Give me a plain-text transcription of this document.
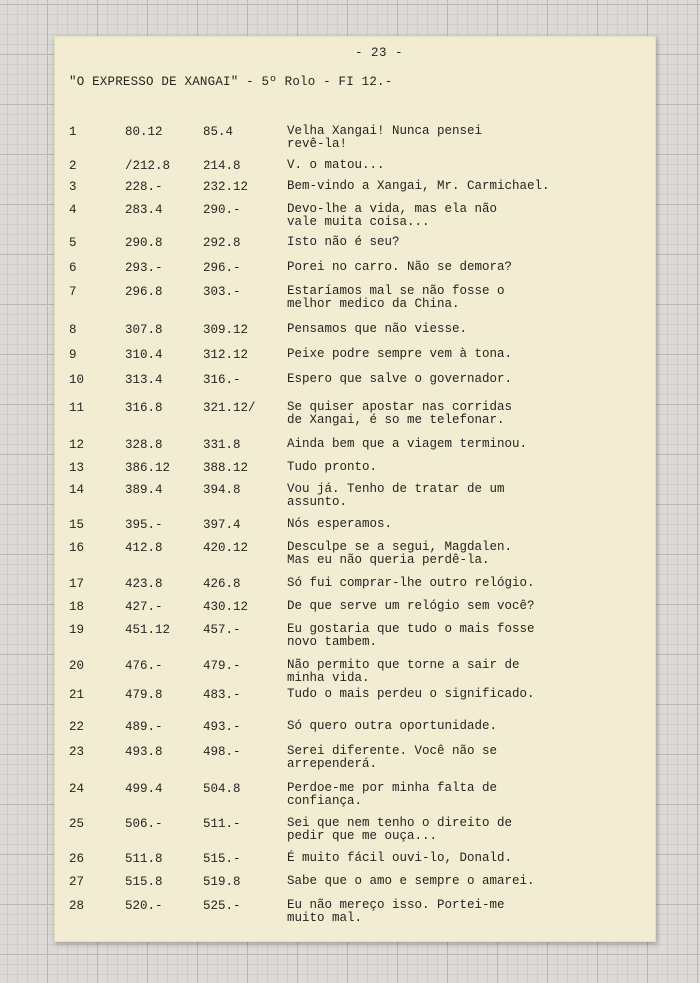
- 23 -
"O EXPRESSO DE XANGAI" - 5º Rolo - FI 12.-
1	80.12	85.4	Velha Xangai! Nunca pensei
revê-la!
2	/212.8	214.8	V. o matou...
3	228.-	232.12	Bem-vindo a Xangai, Mr. Carmichael.
4	283.4	290.-	Devo-lhe a vida, mas ela não
vale muita coisa...
5	290.8	292.8	Isto não é seu?
6	293.-	296.-	Porei no carro. Não se demora?
7	296.8	303.-	Estaríamos mal se não fosse o
melhor medico da China.
8	307.8	309.12	Pensamos que não viesse.
9	310.4	312.12	Peixe podre sempre vem à tona.
10	313.4	316.-	Espero que salve o governador.
11	316.8	321.12/	Se quiser apostar nas corridas
de Xangai, é so me telefonar.
12	328.8	331.8	Ainda bem que a viagem terminou.
13	386.12	388.12	Tudo pronto.
14	389.4	394.8	Vou já. Tenho de tratar de um
assunto.
15	395.-	397.4	Nós esperamos.
16	412.8	420.12	Desculpe se a segui, Magdalen.
Mas eu não queria perdê-la.
17	423.8	426.8	Só fui comprar-lhe outro relógio.
18	427.-	430.12	De que serve um relógio sem você?
19	451.12	457.-	Eu gostaria que tudo o mais fosse
novo tambem.
20	476.-	479.-	Não permito que torne a sair de
minha vida.
21	479.8	483.-	Tudo o mais perdeu o significado.
22	489.-	493.-	Só quero outra oportunidade.
23	493.8	498.-	Serei diferente. Você não se
arrependerá.
24	499.4	504.8	Perdoe-me por minha falta de
confiança.
25	506.-	511.-	Sei que nem tenho o direito de
pedir que me ouça...
26	511.8	515.-	É muito fácil ouvi-lo, Donald.
27	515.8	519.8	Sabe que o amo e sempre o amarei.
28	520.-	525.-	Eu não mereço isso. Portei-me
muito mal.
